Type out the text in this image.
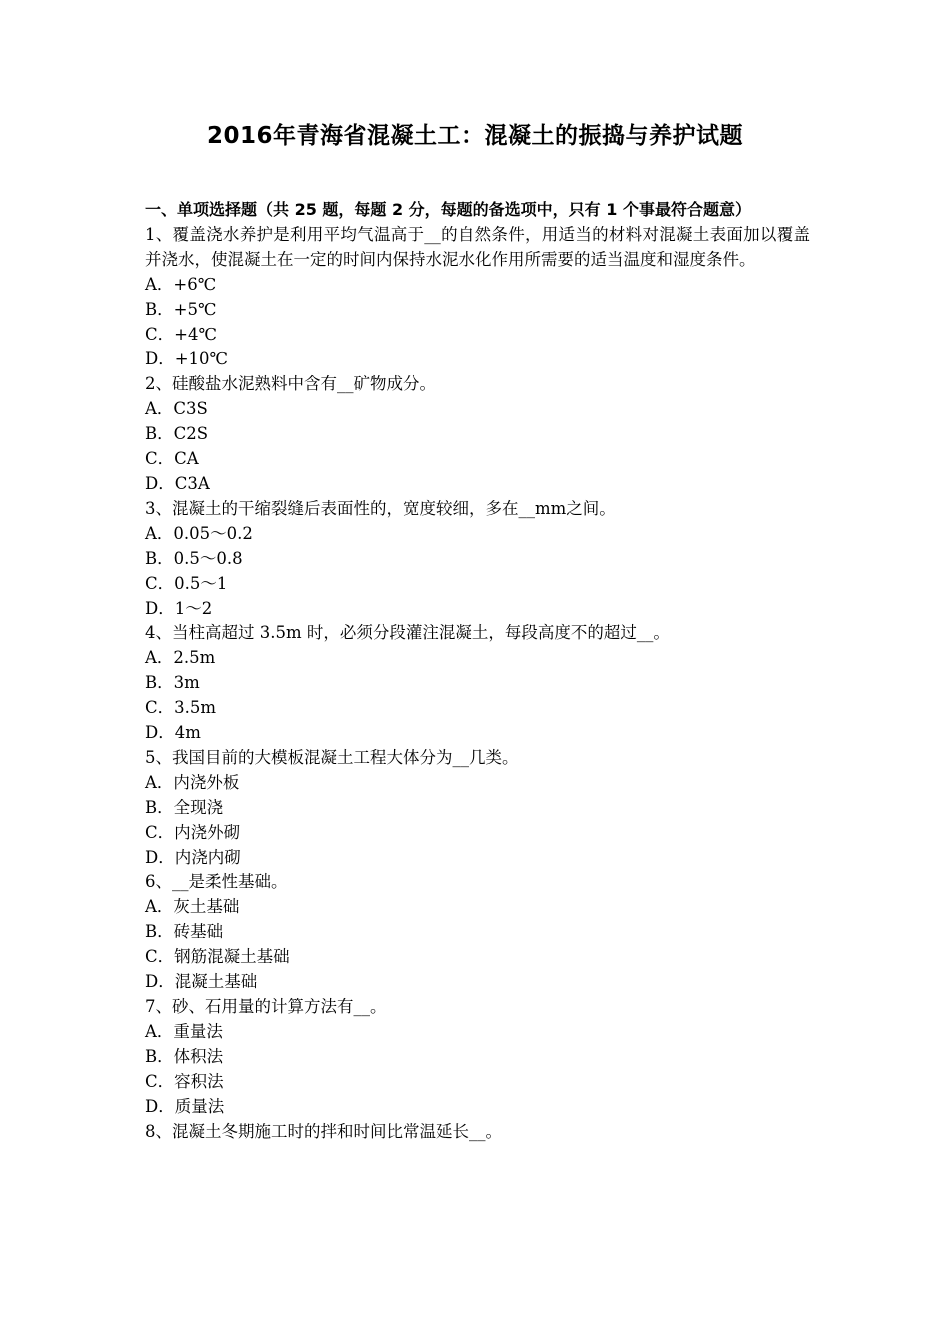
2016年青海省混凝土工：混凝土的振捣与养护试题

一、单项选择题（共 25 题，每题 2 分，每题的备选项中，只有 1 个事最符合题意）

1、覆盖浇水养护是利用平均气温高于__的自然条件，用适当的材料对混凝土表面加以覆盖并浇水，使混凝土在一定的时间内保持水泥水化作用所需要的适当温度和湿度条件。

A．+6℃

B．+5℃

C．+4℃

D．+10℃

2、硅酸盐水泥熟料中含有__矿物成分。

A．C3S

B．C2S

C．CA

D．C3A

3、混凝土的干缩裂缝后表面性的，宽度较细，多在__mm之间。

A．0.05～0.2

B．0.5～0.8

C．0.5～1

D．1～2

4、当柱高超过 3.5m 时，必须分段灌注混凝土，每段高度不的超过__。

A．2.5m

B．3m

C．3.5m

D．4m

5、我国目前的大模板混凝土工程大体分为__几类。

A．内浇外板

B．全现浇

C．内浇外砌

D．内浇内砌

6、__是柔性基础。

A．灰土基础

B．砖基础

C．钢筋混凝土基础

D．混凝土基础

7、砂、石用量的计算方法有__。

A．重量法

B．体积法

C．容积法

D．质量法

8、混凝土冬期施工时的拌和时间比常温延长__。
